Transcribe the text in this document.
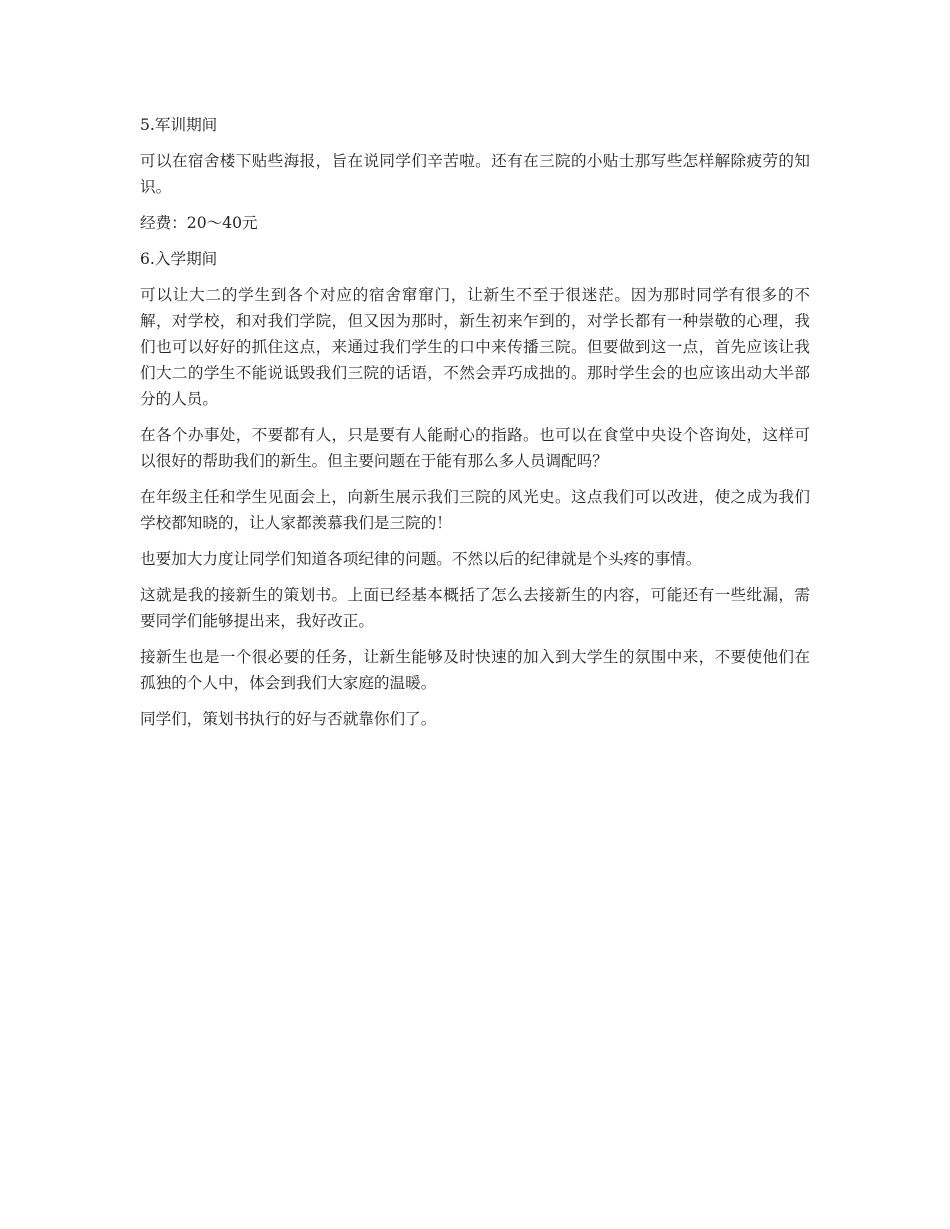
5.军训期间

可以在宿舍楼下贴些海报，旨在说同学们辛苦啦。还有在三院的小贴士那写些怎样解除疲劳的知识。

经费：20～40元

6.入学期间

可以让大二的学生到各个对应的宿舍窜窜门，让新生不至于很迷茫。因为那时同学有很多的不解，对学校，和对我们学院，但又因为那时，新生初来乍到的，对学长都有一种崇敬的心理，我们也可以好好的抓住这点，来通过我们学生的口中来传播三院。但要做到这一点，首先应该让我们大二的学生不能说诋毁我们三院的话语，不然会弄巧成拙的。那时学生会的也应该出动大半部分的人员。

在各个办事处，不要都有人，只是要有人能耐心的指路。也可以在食堂中央设个咨询处，这样可以很好的帮助我们的新生。但主要问题在于能有那么多人员调配吗？

在年级主任和学生见面会上，向新生展示我们三院的风光史。这点我们可以改进，使之成为我们学校都知晓的，让人家都羡慕我们是三院的！

也要加大力度让同学们知道各项纪律的问题。不然以后的纪律就是个头疼的事情。

这就是我的接新生的策划书。上面已经基本概括了怎么去接新生的内容，可能还有一些纰漏，需要同学们能够提出来，我好改正。

接新生也是一个很必要的任务，让新生能够及时快速的加入到大学生的氛围中来，不要使他们在孤独的个人中，体会到我们大家庭的温暖。

同学们，策划书执行的好与否就靠你们了。
